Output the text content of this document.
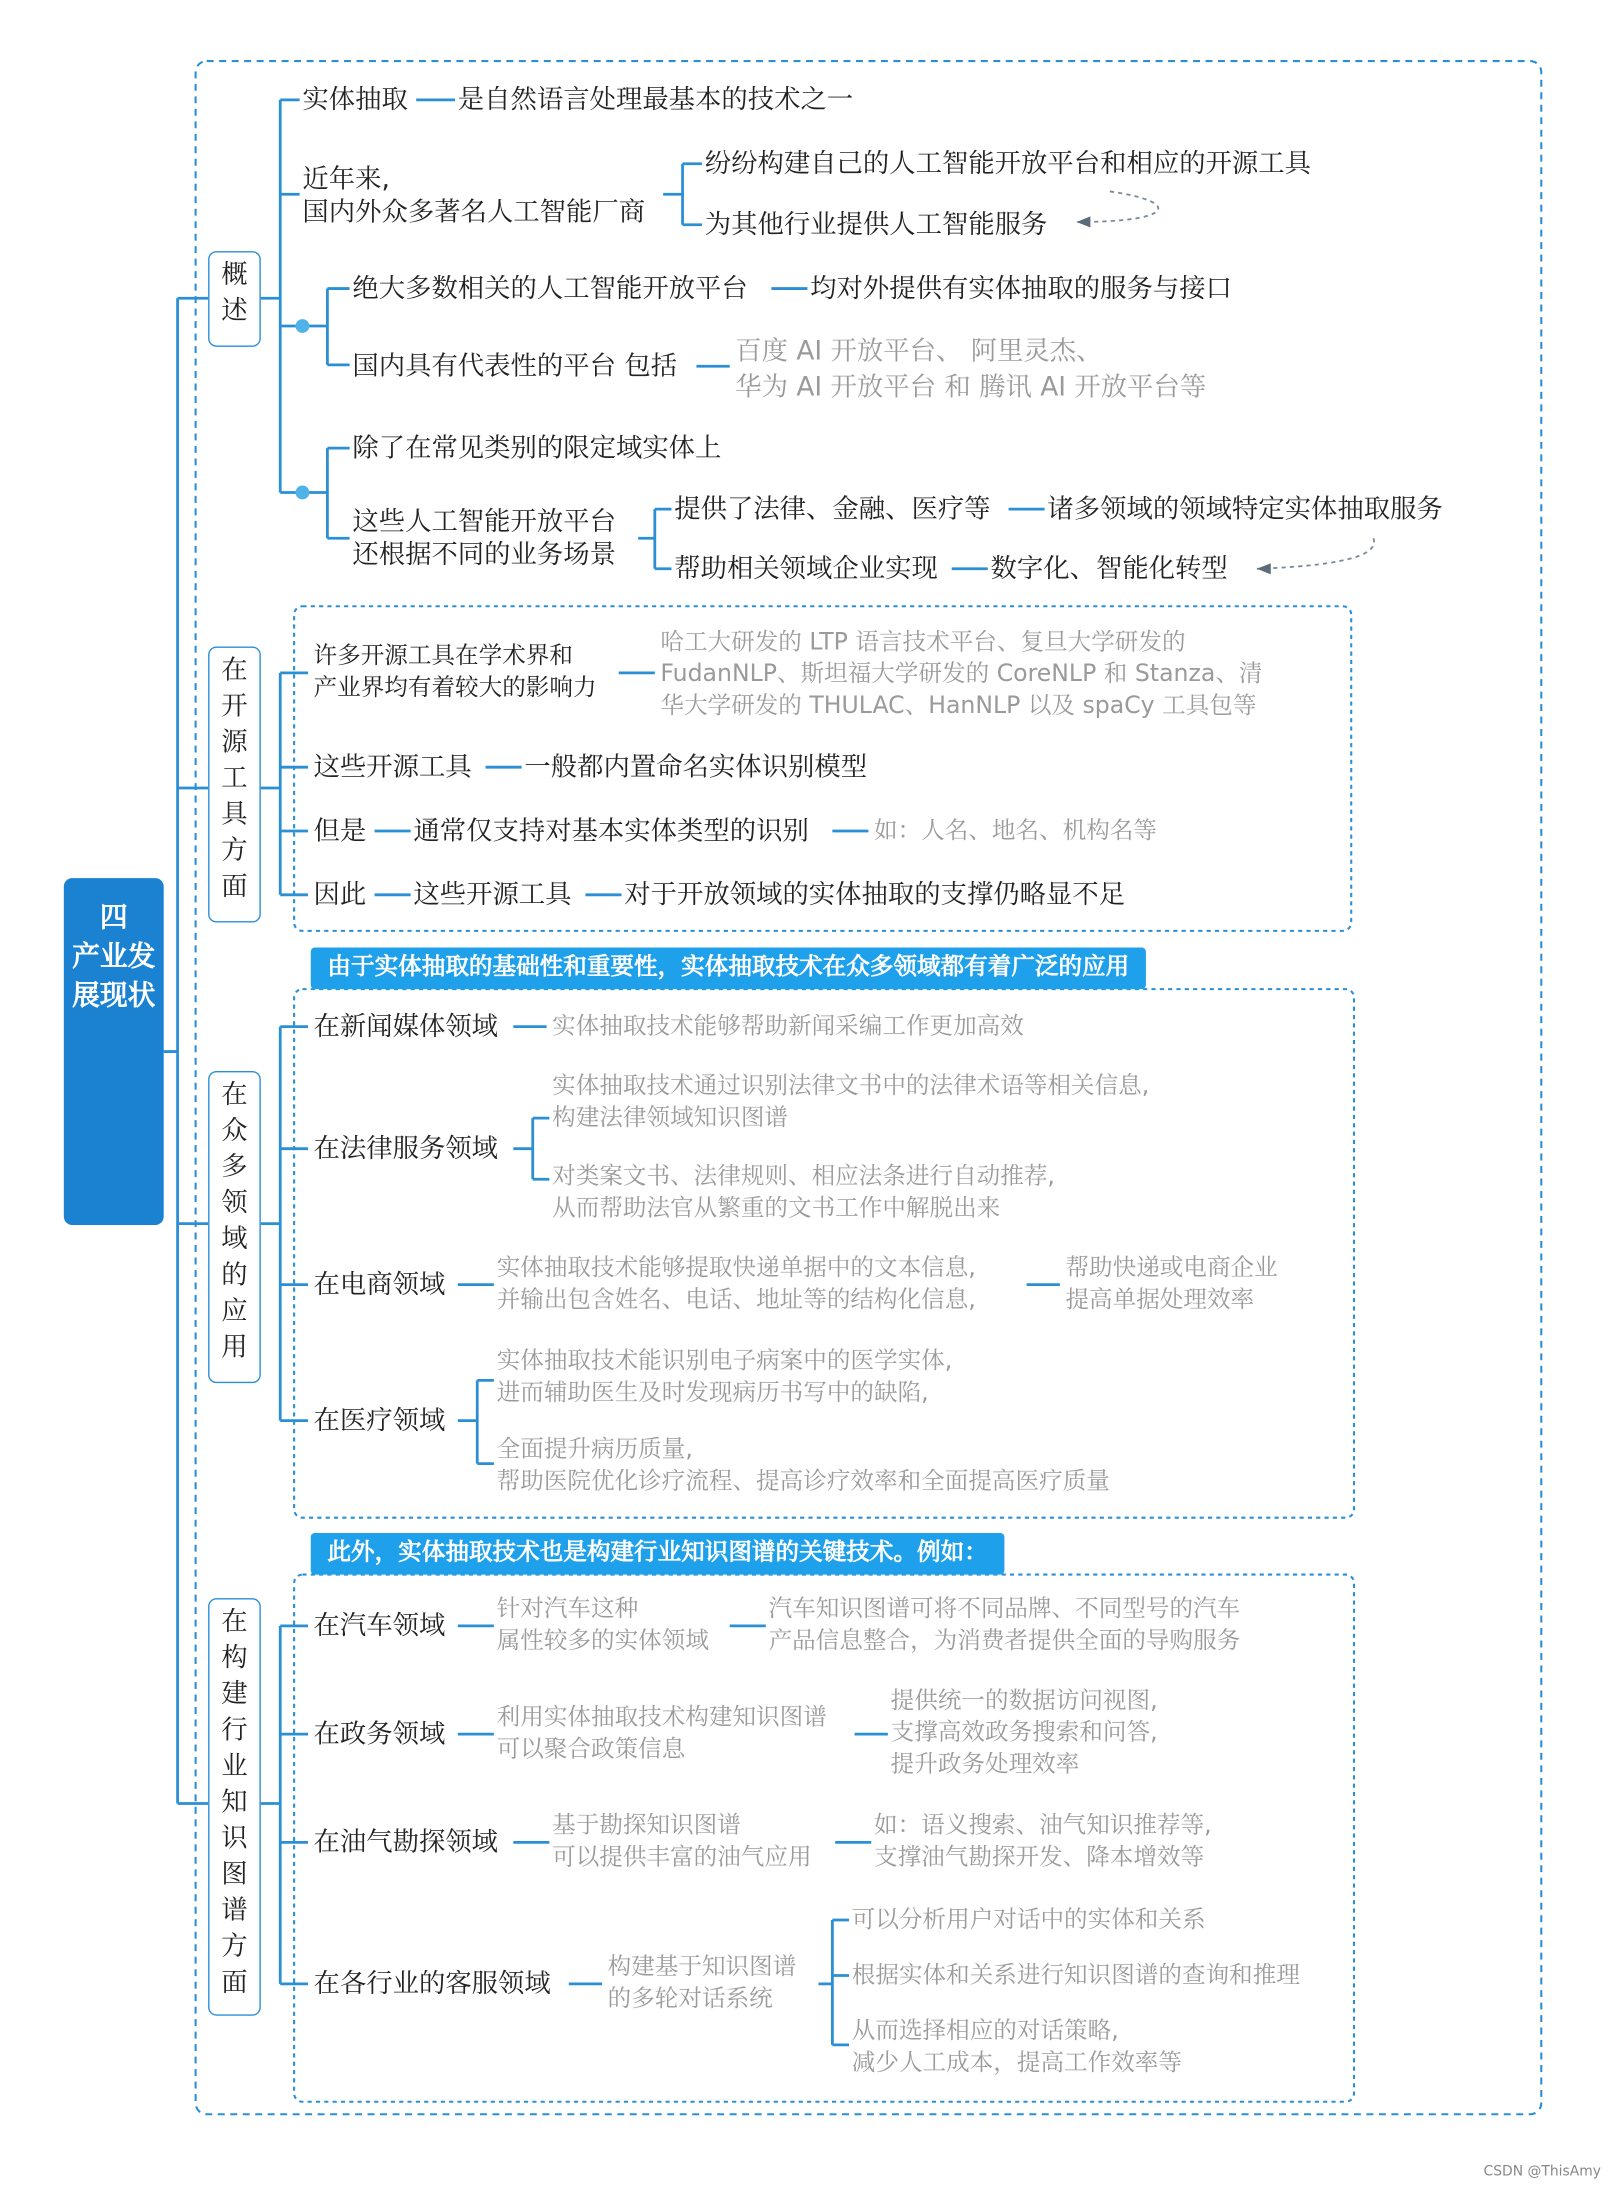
四
产业发展现状
概
述
在
开
源
工
具
方
面
在
众
多
领
域
的
应
用
在
构
建
行
业
知
识
图
谱
方
面
由于实体抽取的基础性和重要性，实体抽取技术在众多领域都有着广泛的应用
此外，实体抽取技术也是构建行业知识图谱的关键技术。例如：
实体抽取	是自然语言处理最基本的技术之一
近年来,
国内外众多著名人工智能厂商
纷纷构建自己的人工智能开放平台和相应的开源工具
为其他行业提供人工智能服务
绝大多数相关的人工智能开放平台	均对外提供有实体抽取的服务与接口
国内具有代表性的平台 包括
百度 AI 开放平台、 阿里灵杰、
华为 AI 开放平台 和 腾讯 AI 开放平台等
除了在常见类别的限定域实体上
这些人工智能开放平台
还根据不同的业务场景
提供了法律、金融、医疗等	诸多领域的领域特定实体抽取服务
帮助相关领域企业实现	数字化、智能化转型
许多开源工具在学术界和
产业界均有着较大的影响力
哈工大研发的 LTP 语言技术平台、复旦大学研发的
FudanNLP、斯坦福大学研发的 CoreNLP 和 Stanza、清
华大学研发的 THULAC、HanNLP 以及 spaCy 工具包等
这些开源工具	一般都内置命名实体识别模型
但是 通常仅支持对基本实体类型的识别	如：人名、地名、机构名等
因此 这些开源工具	对于开放领域的实体抽取的支撑仍略显不足
在新闻媒体领域	实体抽取技术能够帮助新闻采编工作更加高效
在法律服务领域
实体抽取技术通过识别法律文书中的法律术语等相关信息,
构建法律领域知识图谱
对类案文书、法律规则、相应法条进行自动推荐,
从而帮助法官从繁重的文书工作中解脱出来
在电商领域
实体抽取技术能够提取快递单据中的文本信息,
并输出包含姓名、电话、地址等的结构化信息,
帮助快递或电商企业
提高单据处理效率
在医疗领域
实体抽取技术能识别电子病案中的医学实体,
进而辅助医生及时发现病历书写中的缺陷,
全面提升病历质量,
帮助医院优化诊疗流程、提高诊疗效率和全面提高医疗质量
在汽车领域
针对汽车这种
属性较多的实体领域
汽车知识图谱可将不同品牌、不同型号的汽车
产品信息整合，为消费者提供全面的导购服务
在政务领域
利用实体抽取技术构建知识图谱
可以聚合政策信息
提供统一的数据访问视图,
支撑高效政务搜索和问答,
提升政务处理效率
在油气勘探领域
基于勘探知识图谱
可以提供丰富的油气应用
如：语义搜索、油气知识推荐等,
支撑油气勘探开发、降本增效等
在各行业的客服领域
构建基于知识图谱
的多轮对话系统
可以分析用户对话中的实体和关系
根据实体和关系进行知识图谱的查询和推理
从而选择相应的对话策略,
减少人工成本，提高工作效率等
CSDN @ThisAmy
